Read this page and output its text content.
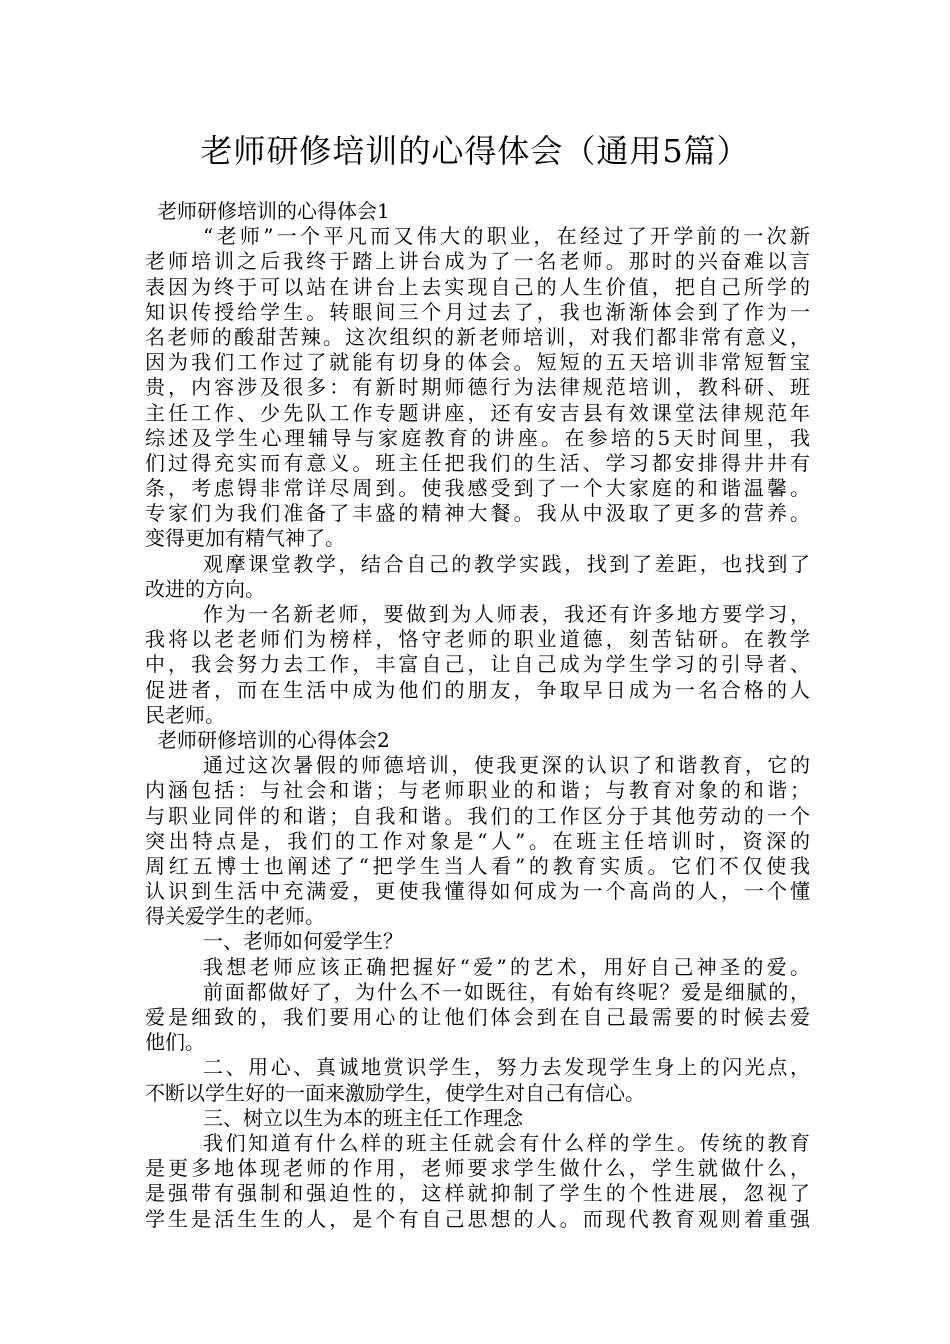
老师研修培训的心得体会（通用5篇）
老师研修培训的心得体会1
“老师”一个平凡而又伟大的职业，在经过了开学前的一次新
老师培训之后我终于踏上讲台成为了一名老师。那时的兴奋难以言
表因为终于可以站在讲台上去实现自己的人生价值，把自己所学的
知识传授给学生。转眼间三个月过去了，我也渐渐体会到了作为一
名老师的酸甜苦辣。这次组织的新老师培训，对我们都非常有意义，
因为我们工作过了就能有切身的体会。短短的五天培训非常短暂宝
贵，内容涉及很多：有新时期师德行为法律规范培训，教科研、班
主任工作、少先队工作专题讲座，还有安吉县有效课堂法律规范年
综述及学生心理辅导与家庭教育的讲座。在参培的5天时间里，我
们过得充实而有意义。班主任把我们的生活、学习都安排得井井有
条，考虑锝非常详尽周到。使我感受到了一个大家庭的和谐温馨。
专家们为我们准备了丰盛的精神大餐。我从中汲取了更多的营养。
变得更加有精气神了。
观摩课堂教学，结合自己的教学实践，找到了差距，也找到了
改进的方向。
作为一名新老师，要做到为人师表，我还有许多地方要学习，
我将以老老师们为榜样，恪守老师的职业道德，刻苦钻研。在教学
中，我会努力去工作，丰富自己，让自己成为学生学习的引导者、
促进者，而在生活中成为他们的朋友，争取早日成为一名合格的人
民老师。
老师研修培训的心得体会2
通过这次暑假的师德培训，使我更深的认识了和谐教育，它的
内涵包括：与社会和谐；与老师职业的和谐；与教育对象的和谐；
与职业同伴的和谐；自我和谐。我们的工作区分于其他劳动的一个
突出特点是，我们的工作对象是“人”。在班主任培训时，资深的
周红五博士也阐述了“把学生当人看”的教育实质。它们不仅使我
认识到生活中充满爱，更使我懂得如何成为一个高尚的人，一个懂
得关爱学生的老师。
一、老师如何爱学生？
我想老师应该正确把握好“爱”的艺术，用好自己神圣的爱。
前面都做好了，为什么不一如既往，有始有终呢？爱是细腻的，
爱是细致的，我们要用心的让他们体会到在自己最需要的时候去爱
他们。
二、用心、真诚地赏识学生，努力去发现学生身上的闪光点，
不断以学生好的一面来激励学生，使学生对自己有信心。
三、树立以生为本的班主任工作理念
我们知道有什么样的班主任就会有什么样的学生。传统的教育
是更多地体现老师的作用，老师要求学生做什么，学生就做什么，
是强带有强制和强迫性的，这样就抑制了学生的个性进展，忽视了
学生是活生生的人，是个有自己思想的人。而现代教育观则着重强
